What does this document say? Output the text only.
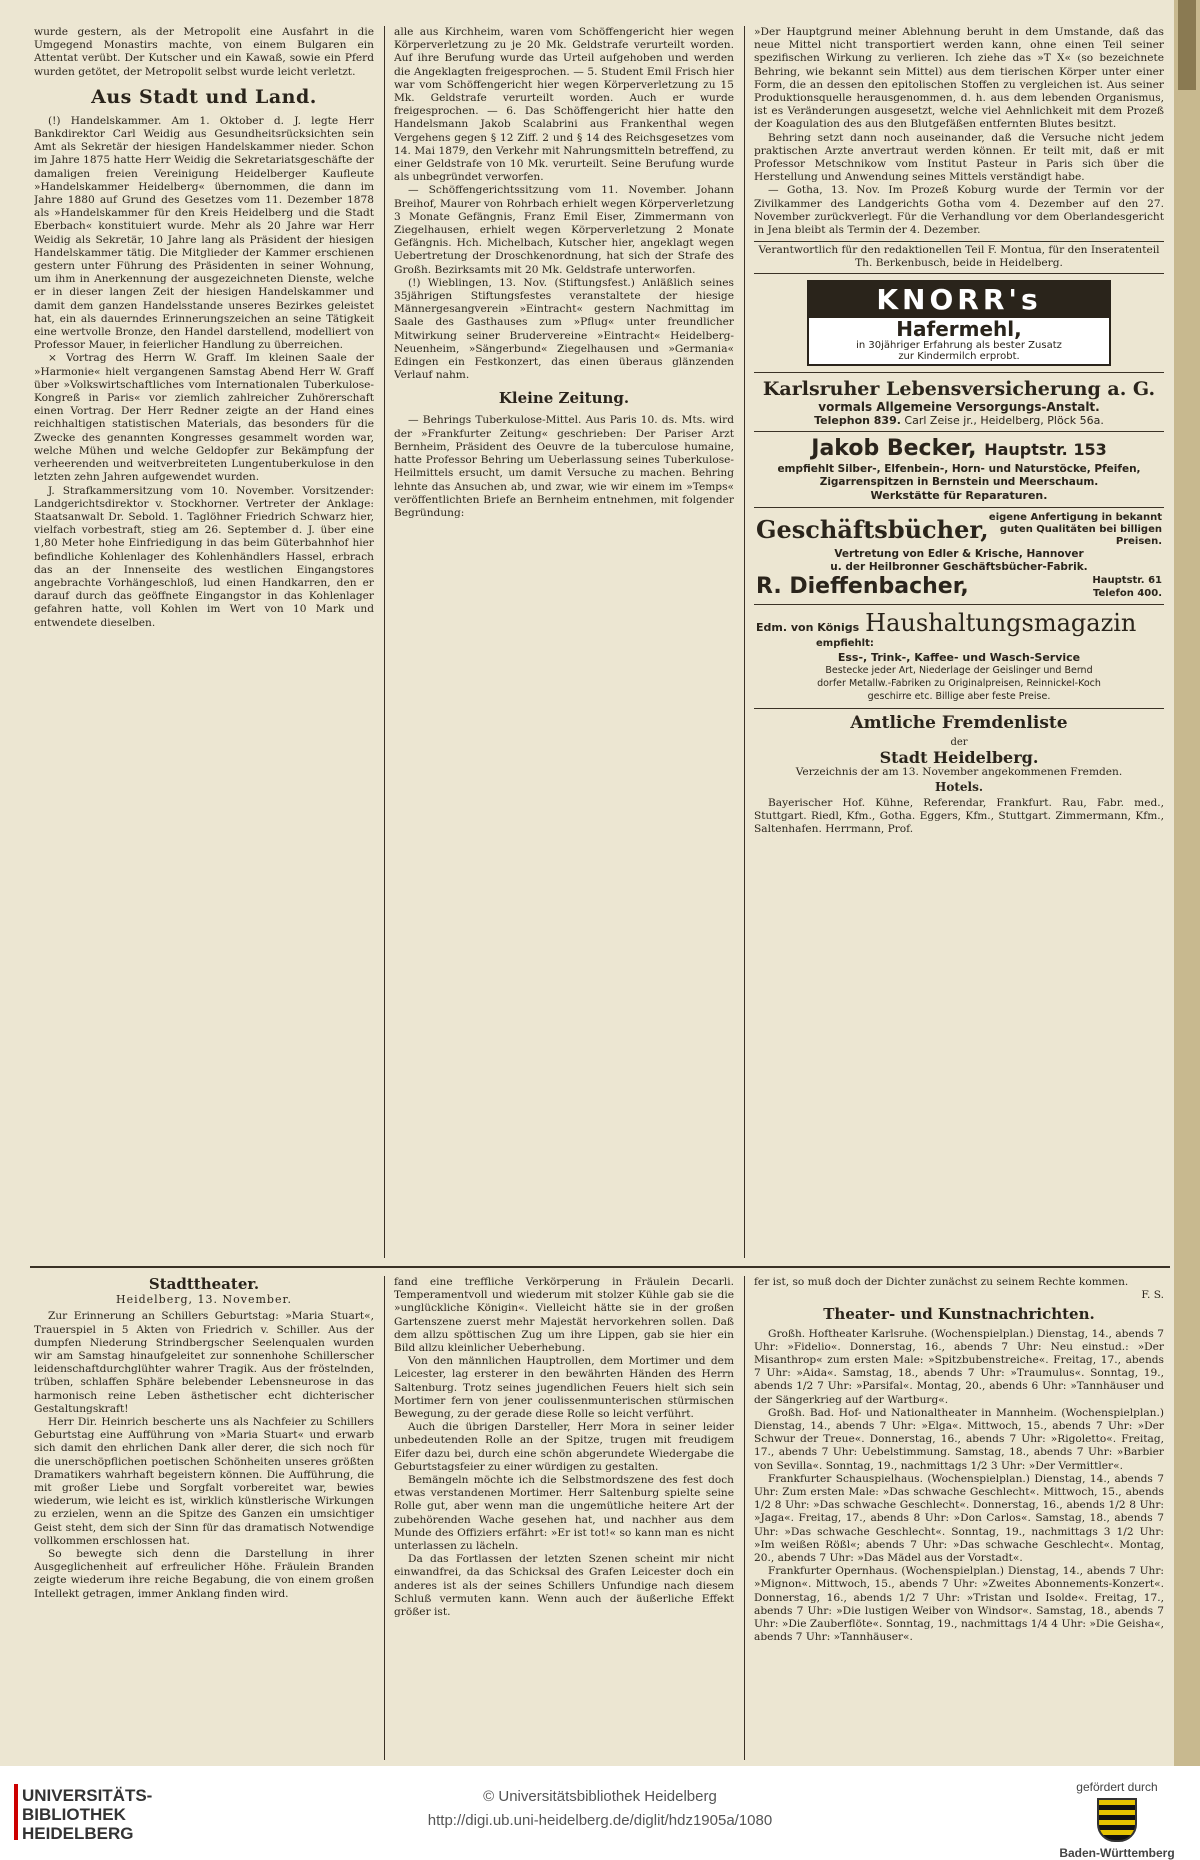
wurde gestern, als der Metropolit eine Ausfahrt in die Umgegend Monastirs machte, von einem Bulgaren ein Attentat verübt. Der Kutscher und ein Kawaß, sowie ein Pferd wurden getötet, der Metropolit selbst wurde leicht verletzt.

Aus Stadt und Land.

(!) Handelskammer. Am 1. Oktober d. J. legte Herr Bankdirektor Carl Weidig aus Gesundheitsrücksichten sein Amt als Sekretär der hiesigen Handelskammer nieder. Schon im Jahre 1875 hatte Herr Weidig die Sekretariatsgeschäfte der damaligen freien Vereinigung Heidelberger Kaufleute »Handelskammer Heidelberg« übernommen, die dann im Jahre 1880 auf Grund des Gesetzes vom 11. Dezember 1878 als »Handelskammer für den Kreis Heidelberg und die Stadt Eberbach« konstituiert wurde. Mehr als 20 Jahre war Herr Weidig als Sekretär, 10 Jahre lang als Präsident der hiesigen Handelskammer tätig. Die Mitglieder der Kammer erschienen gestern unter Führung des Präsidenten in seiner Wohnung, um ihm in Anerkennung der ausgezeichneten Dienste, welche er in dieser langen Zeit der hiesigen Handelskammer und damit dem ganzen Handelsstande unseres Bezirkes geleistet hat, ein als dauerndes Erinnerungszeichen an seine Tätigkeit eine wertvolle Bronze, den Handel darstellend, modelliert von Professor Mauer, in feierlicher Handlung zu überreichen.

× Vortrag des Herrn W. Graff. Im kleinen Saale der »Harmonie« hielt vergangenen Samstag Abend Herr W. Graff über »Volkswirtschaftliches vom Internationalen Tuberkulose-Kongreß in Paris« vor ziemlich zahlreicher Zuhörerschaft einen Vortrag. Der Herr Redner zeigte an der Hand eines reichhaltigen statistischen Materials, das besonders für die Zwecke des genannten Kongresses gesammelt worden war, welche Mühen und welche Geldopfer zur Bekämpfung der verheerenden und weitverbreiteten Lungentuberkulose in den letzten zehn Jahren aufgewendet wurden.

J. Strafkammersitzung vom 10. November. Vorsitzender: Landgerichtsdirektor v. Stockhorner. Vertreter der Anklage: Staatsanwalt Dr. Sebold. 1. Taglöhner Friedrich Schwarz hier, vielfach vorbestraft, stieg am 26. September d. J. über eine 1,80 Meter hohe Einfriedigung in das beim Güterbahnhof hier befindliche Kohlenlager des Kohlenhändlers Hassel, erbrach das an der Innenseite des westlichen Eingangstores angebrachte Vorhängeschloß, lud einen Handkarren, den er darauf durch das geöffnete Eingangstor in das Kohlenlager gefahren hatte, voll Kohlen im Wert von 10 Mark und entwendete dieselben.

alle aus Kirchheim, waren vom Schöffengericht hier wegen Körperverletzung zu je 20 Mk. Geldstrafe verurteilt worden. Auf ihre Berufung wurde das Urteil aufgehoben und werden die Angeklagten freigesprochen. — 5. Student Emil Frisch hier war vom Schöffengericht hier wegen Körperverletzung zu 15 Mk. Geldstrafe verurteilt worden. Auch er wurde freigesprochen. — 6. Das Schöffengericht hier hatte den Handelsmann Jakob Scalabrini aus Frankenthal wegen Vergehens gegen § 12 Ziff. 2 und § 14 des Reichsgesetzes vom 14. Mai 1879, den Verkehr mit Nahrungsmitteln betreffend, zu einer Geldstrafe von 10 Mk. verurteilt. Seine Berufung wurde als unbegründet verworfen.

— Schöffengerichtssitzung vom 11. November. Johann Breihof, Maurer von Rohrbach erhielt wegen Körperverletzung 3 Monate Gefängnis, Franz Emil Eiser, Zimmermann von Ziegelhausen, erhielt wegen Körperverletzung 2 Monate Gefängnis. Hch. Michelbach, Kutscher hier, angeklagt wegen Uebertretung der Droschkenordnung, hat sich der Strafe des Großh. Bezirksamts mit 20 Mk. Geldstrafe unterworfen.

(!) Wieblingen, 13. Nov. (Stiftungsfest.) Anläßlich seines 35jährigen Stiftungsfestes veranstaltete der hiesige Männergesangverein »Eintracht« gestern Nachmittag im Saale des Gasthauses zum »Pflug« unter freundlicher Mitwirkung seiner Brudervereine »Eintracht« Heidelberg-Neuenheim, »Sängerbund« Ziegelhausen und »Germania« Edingen ein Festkonzert, das einen überaus glänzenden Verlauf nahm.

Kleine Zeitung.

— Behrings Tuberkulose-Mittel. Aus Paris 10. ds. Mts. wird der »Frankfurter Zeitung« geschrieben: Der Pariser Arzt Bernheim, Präsident des Oeuvre de la tuberculose humaine, hatte Professor Behring um Ueberlassung seines Tuberkulose-Heilmittels ersucht, um damit Versuche zu machen. Behring lehnte das Ansuchen ab, und zwar, wie wir einem im »Temps« veröffentlichten Briefe an Bernheim entnehmen, mit folgender Begründung:

»Der Hauptgrund meiner Ablehnung beruht in dem Umstande, daß das neue Mittel nicht transportiert werden kann, ohne einen Teil seiner spezifischen Wirkung zu verlieren. Ich ziehe das »T X« (so bezeichnete Behring, wie bekannt sein Mittel) aus dem tierischen Körper unter einer Form, die an dessen den epitolischen Stoffen zu vergleichen ist. Aus seiner Produktionsquelle herausgenommen, d. h. aus dem lebenden Organismus, ist es Veränderungen ausgesetzt, welche viel Aehnlichkeit mit dem Prozeß der Koagulation des aus den Blutgefäßen entfernten Blutes besitzt.

Behring setzt dann noch auseinander, daß die Versuche nicht jedem praktischen Arzte anvertraut werden können. Er teilt mit, daß er mit Professor Metschnikow vom Institut Pasteur in Paris sich über die Herstellung und Anwendung seines Mittels verständigt habe.

— Gotha, 13. Nov. Im Prozeß Koburg wurde der Termin vor der Zivilkammer des Landgerichts Gotha vom 4. Dezember auf den 27. November zurückverlegt. Für die Verhandlung vor dem Oberlandesgericht in Jena bleibt als Termin der 4. Dezember.

Verantwortlich für den redaktionellen Teil F. Montua, für den Inseratenteil Th. Berkenbusch, beide in Heidelberg.

KNORR's
Hafermehl,
in 30jähriger Erfahrung als bester Zusatz
zur Kindermilch erprobt.
Karlsruher Lebensversicherung a. G.
vormals Allgemeine Versorgungs-Anstalt.
Telephon 839. Carl Zeise jr., Heidelberg, Plöck 56a.
Jakob Becker, Hauptstr. 153
empfiehlt Silber-, Elfenbein-, Horn- und Naturstöcke, Pfeifen,
Zigarrenspitzen in Bernstein und Meerschaum.
Werkstätte für Reparaturen.
Geschäftsbücher, eigene Anfertigung in bekannt
guten Qualitäten bei billigen
Preisen.
Vertretung von Edler & Krische, Hannover
u. der Heilbronner Geschäftsbücher-Fabrik.
R. Dieffenbacher,	Hauptstr. 61
Telefon 400.
Edm. von Königs Haushaltungsmagazin
empfiehlt:
Ess-, Trink-, Kaffee- und Wasch-Service
Bestecke jeder Art, Niederlage der Geislinger und Bernd
dorfer Metallw.-Fabriken zu Originalpreisen, Reinnickel-Koch
geschirre etc. Billige aber feste Preise.
Amtliche Fremdenliste
der
Stadt Heidelberg.

Verzeichnis der am 13. November angekommenen Fremden.

Hotels.

Bayerischer Hof. Kühne, Referendar, Frankfurt. Rau, Fabr. med., Stuttgart. Riedl, Kfm., Gotha. Eggers, Kfm., Stuttgart. Zimmermann, Kfm., Saltenhafen. Herrmann, Prof.

Stadttheater.
Heidelberg, 13. November.

Zur Erinnerung an Schillers Geburtstag: »Maria Stuart«, Trauerspiel in 5 Akten von Friedrich v. Schiller. Aus der dumpfen Niederung Strindbergscher Seelenqualen wurden wir am Samstag hinaufgeleitet zur sonnenhohe Schillerscher leidenschaftdurchglühter wahrer Tragik. Aus der fröstelnden, trüben, schlaffen Sphäre belebender Lebensneurose in das harmonisch reine Leben ästhetischer echt dichterischer Gestaltungskraft!

Herr Dir. Heinrich bescherte uns als Nachfeier zu Schillers Geburtstag eine Aufführung von »Maria Stuart« und erwarb sich damit den ehrlichen Dank aller derer, die sich noch für die unerschöpflichen poetischen Schönheiten unseres größten Dramatikers wahrhaft begeistern können. Die Aufführung, die mit großer Liebe und Sorgfalt vorbereitet war, bewies wiederum, wie leicht es ist, wirklich künstlerische Wirkungen zu erzielen, wenn an die Spitze des Ganzen ein umsichtiger Geist steht, dem sich der Sinn für das dramatisch Notwendige vollkommen erschlossen hat.

So bewegte sich denn die Darstellung in ihrer Ausgeglichenheit auf erfreulicher Höhe. Fräulein Branden zeigte wiederum ihre reiche Begabung, die von einem großen Intellekt getragen, immer Anklang finden wird.

fand eine treffliche Verkörperung in Fräulein Decarli. Temperamentvoll und wiederum mit stolzer Kühle gab sie die »unglückliche Königin«. Vielleicht hätte sie in der großen Gartenszene zuerst mehr Majestät hervorkehren sollen. Daß dem allzu spöttischen Zug um ihre Lippen, gab sie hier ein Bild allzu kleinlicher Ueberhebung.

Von den männlichen Hauptrollen, dem Mortimer und dem Leicester, lag ersterer in den bewährten Händen des Herrn Saltenburg. Trotz seines jugendlichen Feuers hielt sich sein Mortimer fern von jener coulissenmunterischen stürmischen Bewegung, zu der gerade diese Rolle so leicht verführt.

Auch die übrigen Darsteller, Herr Mora in seiner leider unbedeutenden Rolle an der Spitze, trugen mit freudigem Eifer dazu bei, durch eine schön abgerundete Wiedergabe die Geburtstagsfeier zu einer würdigen zu gestalten.

Bemängeln möchte ich die Selbstmordszene des fest doch etwas verstandenen Mortimer. Herr Saltenburg spielte seine Rolle gut, aber wenn man die ungemütliche heitere Art der zubehörenden Wache gesehen hat, und nachher aus dem Munde des Offiziers erfährt: »Er ist tot!« so kann man es nicht unterlassen zu lächeln.

Da das Fortlassen der letzten Szenen scheint mir nicht einwandfrei, da das Schicksal des Grafen Leicester doch ein anderes ist als der seines Schillers Unfundige nach diesem Schluß vermuten kann. Wenn auch der äußerliche Effekt größer ist.

fer ist, so muß doch der Dichter zunächst zu seinem Rechte kommen.

F. S.

Theater- und Kunstnachrichten.

Großh. Hoftheater Karlsruhe. (Wochenspielplan.) Dienstag, 14., abends 7 Uhr: »Fidelio«. Donnerstag, 16., abends 7 Uhr: Neu einstud.: »Der Misanthrop« zum ersten Male: »Spitzbubenstreiche«. Freitag, 17., abends 7 Uhr: »Aida«. Samstag, 18., abends 7 Uhr: »Traumulus«. Sonntag, 19., abends 1/2 7 Uhr: »Parsifal«. Montag, 20., abends 6 Uhr: »Tannhäuser und der Sängerkrieg auf der Wartburg«.

Großh. Bad. Hof- und Nationaltheater in Mannheim. (Wochenspielplan.) Dienstag, 14., abends 7 Uhr: »Elga«. Mittwoch, 15., abends 7 Uhr: »Der Schwur der Treue«. Donnerstag, 16., abends 7 Uhr: »Rigoletto«. Freitag, 17., abends 7 Uhr: Uebelstimmung. Samstag, 18., abends 7 Uhr: »Barbier von Sevilla«. Sonntag, 19., nachmittags 1/2 3 Uhr: »Der Vermittler«.

Frankfurter Schauspielhaus. (Wochenspielplan.) Dienstag, 14., abends 7 Uhr: Zum ersten Male: »Das schwache Geschlecht«. Mittwoch, 15., abends 1/2 8 Uhr: »Das schwache Geschlecht«. Donnerstag, 16., abends 1/2 8 Uhr: »Jaga«. Freitag, 17., abends 8 Uhr: »Don Carlos«. Samstag, 18., abends 7 Uhr: »Das schwache Geschlecht«. Sonntag, 19., nachmittags 3 1/2 Uhr: »Im weißen Rößl«; abends 7 Uhr: »Das schwache Geschlecht«. Montag, 20., abends 7 Uhr: »Das Mädel aus der Vorstadt«.

Frankfurter Opernhaus. (Wochenspielplan.) Dienstag, 14., abends 7 Uhr: »Mignon«. Mittwoch, 15., abends 7 Uhr: »Zweites Abonnements-Konzert«. Donnerstag, 16., abends 1/2 7 Uhr: »Tristan und Isolde«. Freitag, 17., abends 7 Uhr: »Die lustigen Weiber von Windsor«. Samstag, 18., abends 7 Uhr: »Die Zauberflöte«. Sonntag, 19., nachmittags 1/4 4 Uhr: »Die Geisha«, abends 7 Uhr: »Tannhäuser«.

UNIVERSITÄTS-
BIBLIOTHEK
HEIDELBERG
© Universitätsbibliothek Heidelberg
http://digi.ub.uni-heidelberg.de/diglit/hdz1905a/1080
gefördert durch
Baden-Württemberg
